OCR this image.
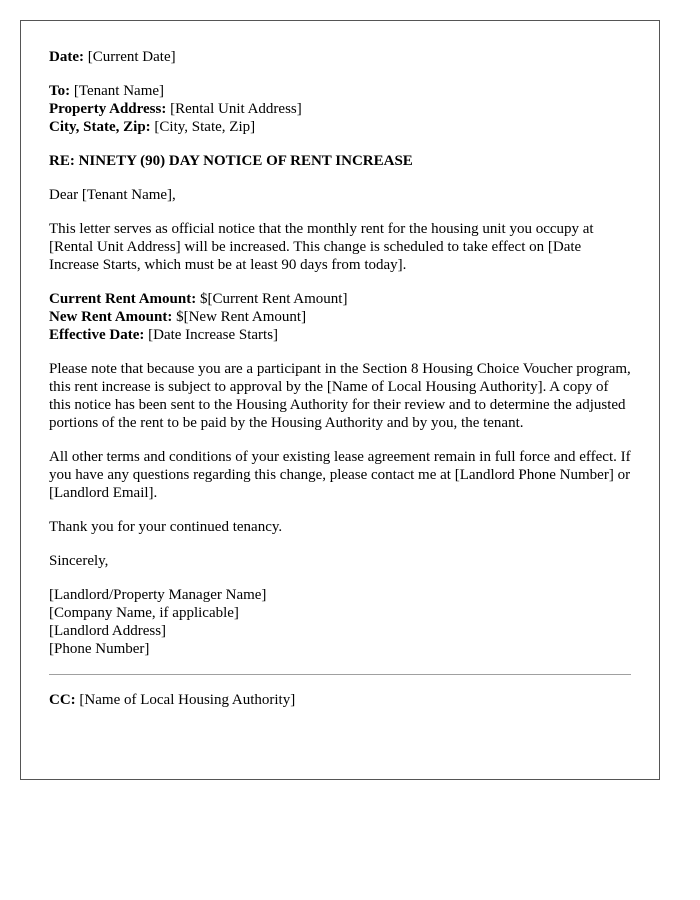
Date: [Current Date]

To: [Tenant Name]
Property Address: [Rental Unit Address]
City, State, Zip: [City, State, Zip]

RE: NINETY (90) DAY NOTICE OF RENT INCREASE

Dear [Tenant Name],

This letter serves as official notice that the monthly rent for the housing unit you occupy at [Rental Unit Address] will be increased. This change is scheduled to take effect on [Date Increase Starts, which must be at least 90 days from today].

Current Rent Amount: $[Current Rent Amount]
New Rent Amount: $[New Rent Amount]
Effective Date: [Date Increase Starts]

Please note that because you are a participant in the Section 8 Housing Choice Voucher program, this rent increase is subject to approval by the [Name of Local Housing Authority]. A copy of this notice has been sent to the Housing Authority for their review and to determine the adjusted portions of the rent to be paid by the Housing Authority and by you, the tenant.

All other terms and conditions of your existing lease agreement remain in full force and effect. If you have any questions regarding this change, please contact me at [Landlord Phone Number] or [Landlord Email].

Thank you for your continued tenancy.

Sincerely,

[Landlord/Property Manager Name]
[Company Name, if applicable]
[Landlord Address]
[Phone Number]

CC: [Name of Local Housing Authority]
